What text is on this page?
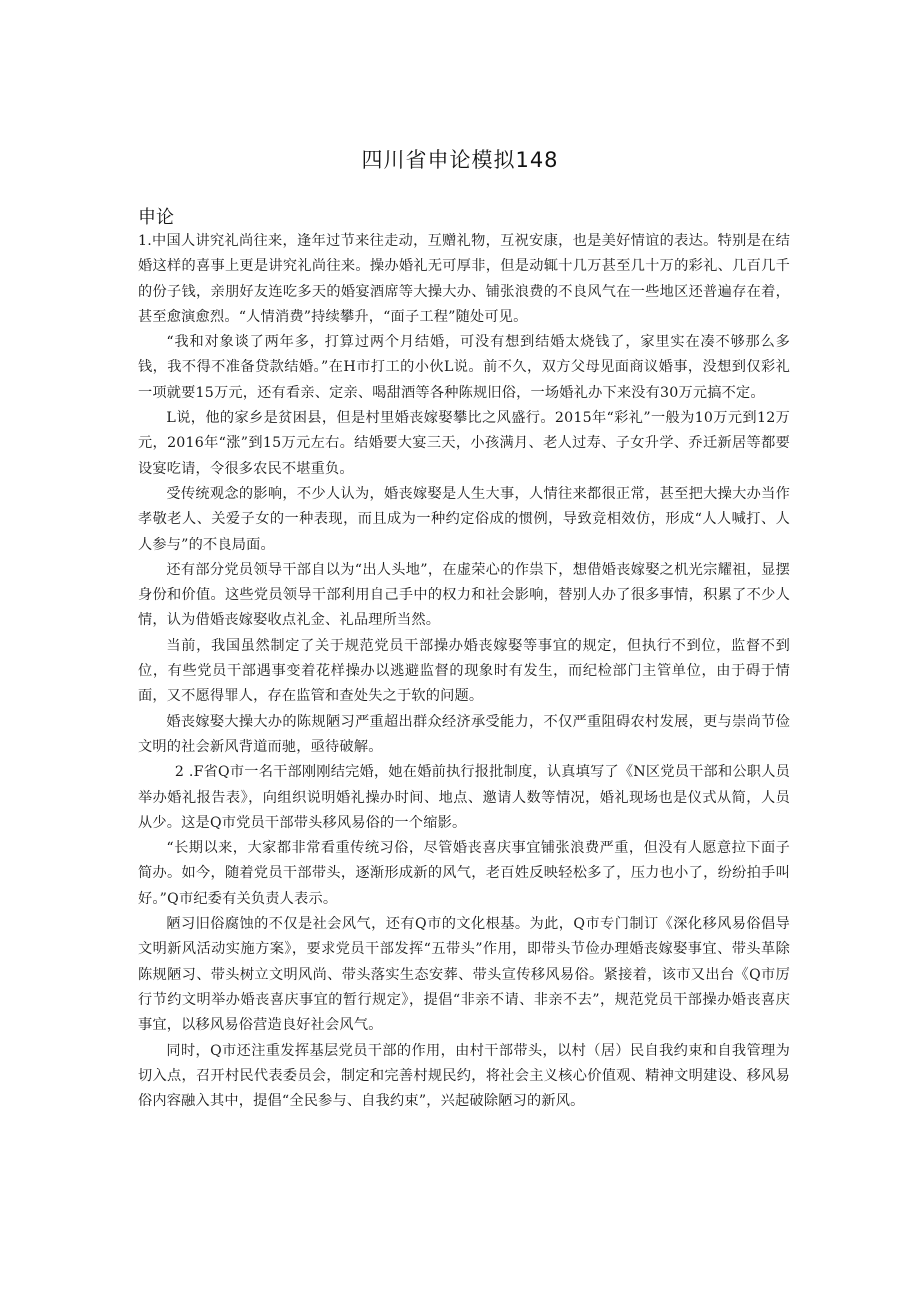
四川省申论模拟148
申论

1.中国人讲究礼尚往来，逢年过节来往走动，互赠礼物，互祝安康，也是美好情谊的表达。特别是在结婚这样的喜事上更是讲究礼尚往来。操办婚礼无可厚非，但是动辄十几万甚至几十万的彩礼、几百几千的份子钱，亲朋好友连吃多天的婚宴酒席等大操大办、铺张浪费的不良风气在一些地区还普遍存在着，甚至愈演愈烈。“人情消费”持续攀升，“面子工程”随处可见。

“我和对象谈了两年多，打算过两个月结婚，可没有想到结婚太烧钱了，家里实在凑不够那么多钱，我不得不准备贷款结婚。”在H市打工的小伙L说。前不久，双方父母见面商议婚事，没想到仅彩礼一项就要15万元，还有看亲、定亲、喝甜酒等各种陈规旧俗，一场婚礼办下来没有30万元搞不定。

L说，他的家乡是贫困县，但是村里婚丧嫁娶攀比之风盛行。2015年“彩礼”一般为10万元到12万元，2016年“涨”到15万元左右。结婚要大宴三天，小孩满月、老人过寿、子女升学、乔迁新居等都要设宴吃请，令很多农民不堪重负。

受传统观念的影响，不少人认为，婚丧嫁娶是人生大事，人情往来都很正常，甚至把大操大办当作孝敬老人、关爱子女的一种表现，而且成为一种约定俗成的惯例，导致竞相效仿，形成“人人喊打、人人参与”的不良局面。

还有部分党员领导干部自以为“出人头地”，在虚荣心的作祟下，想借婚丧嫁娶之机光宗耀祖，显摆身份和价值。这些党员领导干部利用自己手中的权力和社会影响，替别人办了很多事情，积累了不少人情，认为借婚丧嫁娶收点礼金、礼品理所当然。

当前，我国虽然制定了关于规范党员干部操办婚丧嫁娶等事宜的规定，但执行不到位，监督不到位，有些党员干部遇事变着花样操办以逃避监督的现象时有发生，而纪检部门主管单位，由于碍于情面，又不愿得罪人，存在监管和查处失之于软的问题。

婚丧嫁娶大操大办的陈规陋习严重超出群众经济承受能力，不仅严重阻碍农村发展，更与崇尚节俭文明的社会新风背道而驰，亟待破解。

2 .F省Q市一名干部刚刚结完婚，她在婚前执行报批制度，认真填写了《N区党员干部和公职人员举办婚礼报告表》，向组织说明婚礼操办时间、地点、邀请人数等情况，婚礼现场也是仪式从简，人员从少。这是Q市党员干部带头移风易俗的一个缩影。

“长期以来，大家都非常看重传统习俗，尽管婚丧喜庆事宜铺张浪费严重，但没有人愿意拉下面子简办。如今，随着党员干部带头，逐渐形成新的风气，老百姓反映轻松多了，压力也小了，纷纷拍手叫好。”Q市纪委有关负责人表示。

陋习旧俗腐蚀的不仅是社会风气，还有Q市的文化根基。为此，Q市专门制订《深化移风易俗倡导文明新风活动实施方案》，要求党员干部发挥“五带头”作用，即带头节俭办理婚丧嫁娶事宜、带头革除陈规陋习、带头树立文明风尚、带头落实生态安葬、带头宣传移风易俗。紧接着，该市又出台《Q市厉行节约文明举办婚丧喜庆事宜的暂行规定》，提倡“非亲不请、非亲不去”，规范党员干部操办婚丧喜庆事宜，以移风易俗营造良好社会风气。

同时，Q市还注重发挥基层党员干部的作用，由村干部带头，以村（居）民自我约束和自我管理为切入点，召开村民代表委员会，制定和完善村规民约，将社会主义核心价值观、精神文明建设、移风易俗内容融入其中，提倡“全民参与、自我约束”，兴起破除陋习的新风。
